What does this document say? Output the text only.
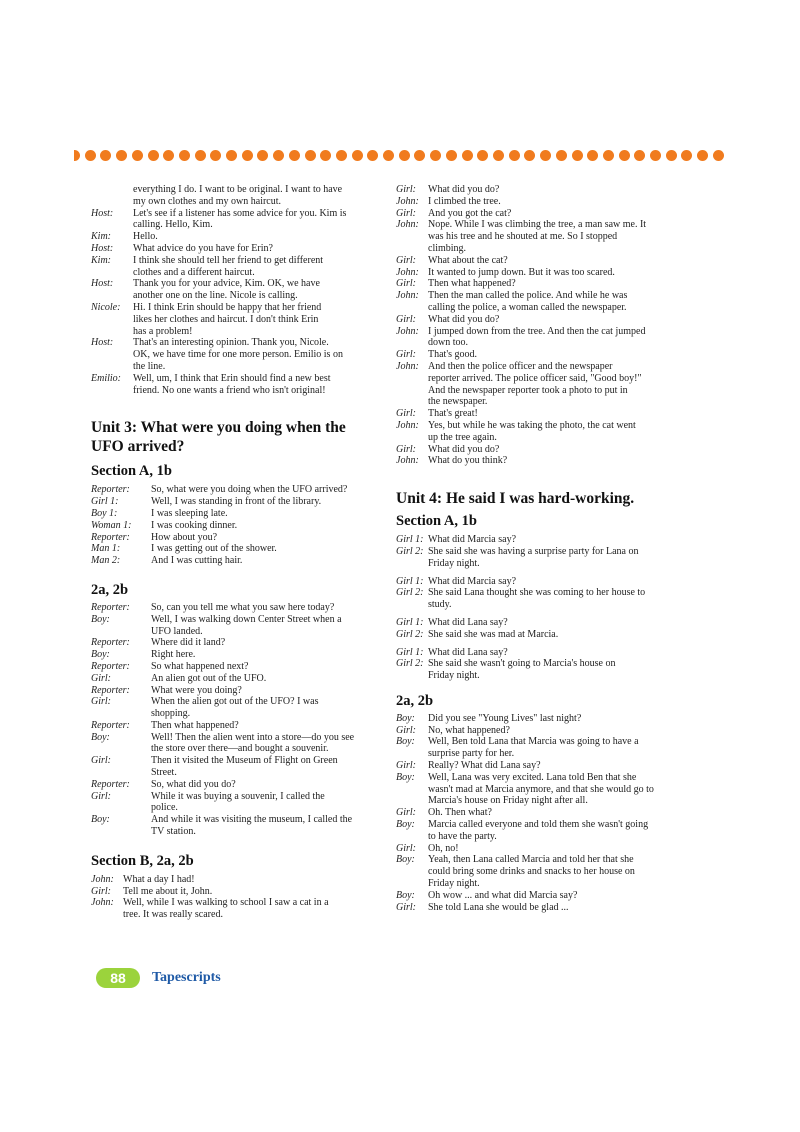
everything I do. I want to be original. I want to have
my own clothes and my own haircut.
Host:	Let's see if a listener has some advice for you. Kim is
calling. Hello, Kim.
Kim:	Hello.
Host:	What advice do you have for Erin?
Kim:	I think she should tell her friend to get different
clothes and a different haircut.
Host:	Thank you for your advice, Kim. OK, we have
another one on the line. Nicole is calling.
Nicole:	Hi. I think Erin should be happy that her friend
likes her clothes and haircut. I don't think Erin
has a problem!
Host:	That's an interesting opinion. Thank you, Nicole.
OK, we have time for one more person. Emilio is on
the line.
Emilio:	Well, um, I think that Erin should find a new best
friend. No one wants a friend who isn't original!
Unit 3: What were you doing when the
UFO arrived?
Section A, 1b
Reporter:	So, what were you doing when the UFO arrived?
Girl 1:	Well, I was standing in front of the library.
Boy 1:	I was sleeping late.
Woman 1:	I was cooking dinner.
Reporter:	How about you?
Man 1:	I was getting out of the shower.
Man 2:	And I was cutting hair.
2a, 2b
Reporter:	So, can you tell me what you saw here today?
Boy:	Well, I was walking down Center Street when a
UFO landed.
Reporter:	Where did it land?
Boy:	Right here.
Reporter:	So what happened next?
Girl:	An alien got out of the UFO.
Reporter:	What were you doing?
Girl:	When the alien got out of the UFO? I was
shopping.
Reporter:	Then what happened?
Boy:	Well! Then the alien went into a store—do you see
the store over there—and bought a souvenir.
Girl:	Then it visited the Museum of Flight on Green
Street.
Reporter:	So, what did you do?
Girl:	While it was buying a souvenir, I called the
police.
Boy:	And while it was visiting the museum, I called the
TV station.
Section B, 2a, 2b
John: What a day I had!
Girl:	Tell me about it, John.
John: Well, while I was walking to school I saw a cat in a
tree. It was really scared.
Girl:	What did you do?
John: I climbed the tree.
Girl:	And you got the cat?
John: Nope. While I was climbing the tree, a man saw me. It
was his tree and he shouted at me. So I stopped
climbing.
Girl:	What about the cat?
John: It wanted to jump down. But it was too scared.
Girl:	Then what happened?
John: Then the man called the police. And while he was
calling the police, a woman called the newspaper.
Girl:	What did you do?
John: I jumped down from the tree. And then the cat jumped
down too.
Girl:	That's good.
John: And then the police officer and the newspaper
reporter arrived. The police officer said, "Good boy!"
And the newspaper reporter took a photo to put in
the newspaper.
Girl:	That's great!
John: Yes, but while he was taking the photo, the cat went
up the tree again.
Girl:	What did you do?
John: What do you think?
Unit 4: He said I was hard-working.
Section A, 1b
Girl 1: What did Marcia say?
Girl 2: She said she was having a surprise party for Lana on
Friday night.
Girl 1: What did Marcia say?
Girl 2: She said Lana thought she was coming to her house to
study.
Girl 1: What did Lana say?
Girl 2: She said she was mad at Marcia.
Girl 1: What did Lana say?
Girl 2: She said she wasn't going to Marcia's house on
Friday night.
2a, 2b
Boy:	Did you see "Young Lives" last night?
Girl:	No, what happened?
Boy:	Well, Ben told Lana that Marcia was going to have a
surprise party for her.
Girl:	Really? What did Lana say?
Boy:	Well, Lana was very excited. Lana told Ben that she
wasn't mad at Marcia anymore, and that she would go to
Marcia's house on Friday night after all.
Girl:	Oh. Then what?
Boy:	Marcia called everyone and told them she wasn't going
to have the party.
Girl:	Oh, no!
Boy:	Yeah, then Lana called Marcia and told her that she
could bring some drinks and snacks to her house on
Friday night.
Boy:	Oh wow ... and what did Marcia say?
Girl:	She told Lana she would be glad ...
88	Tapescripts
